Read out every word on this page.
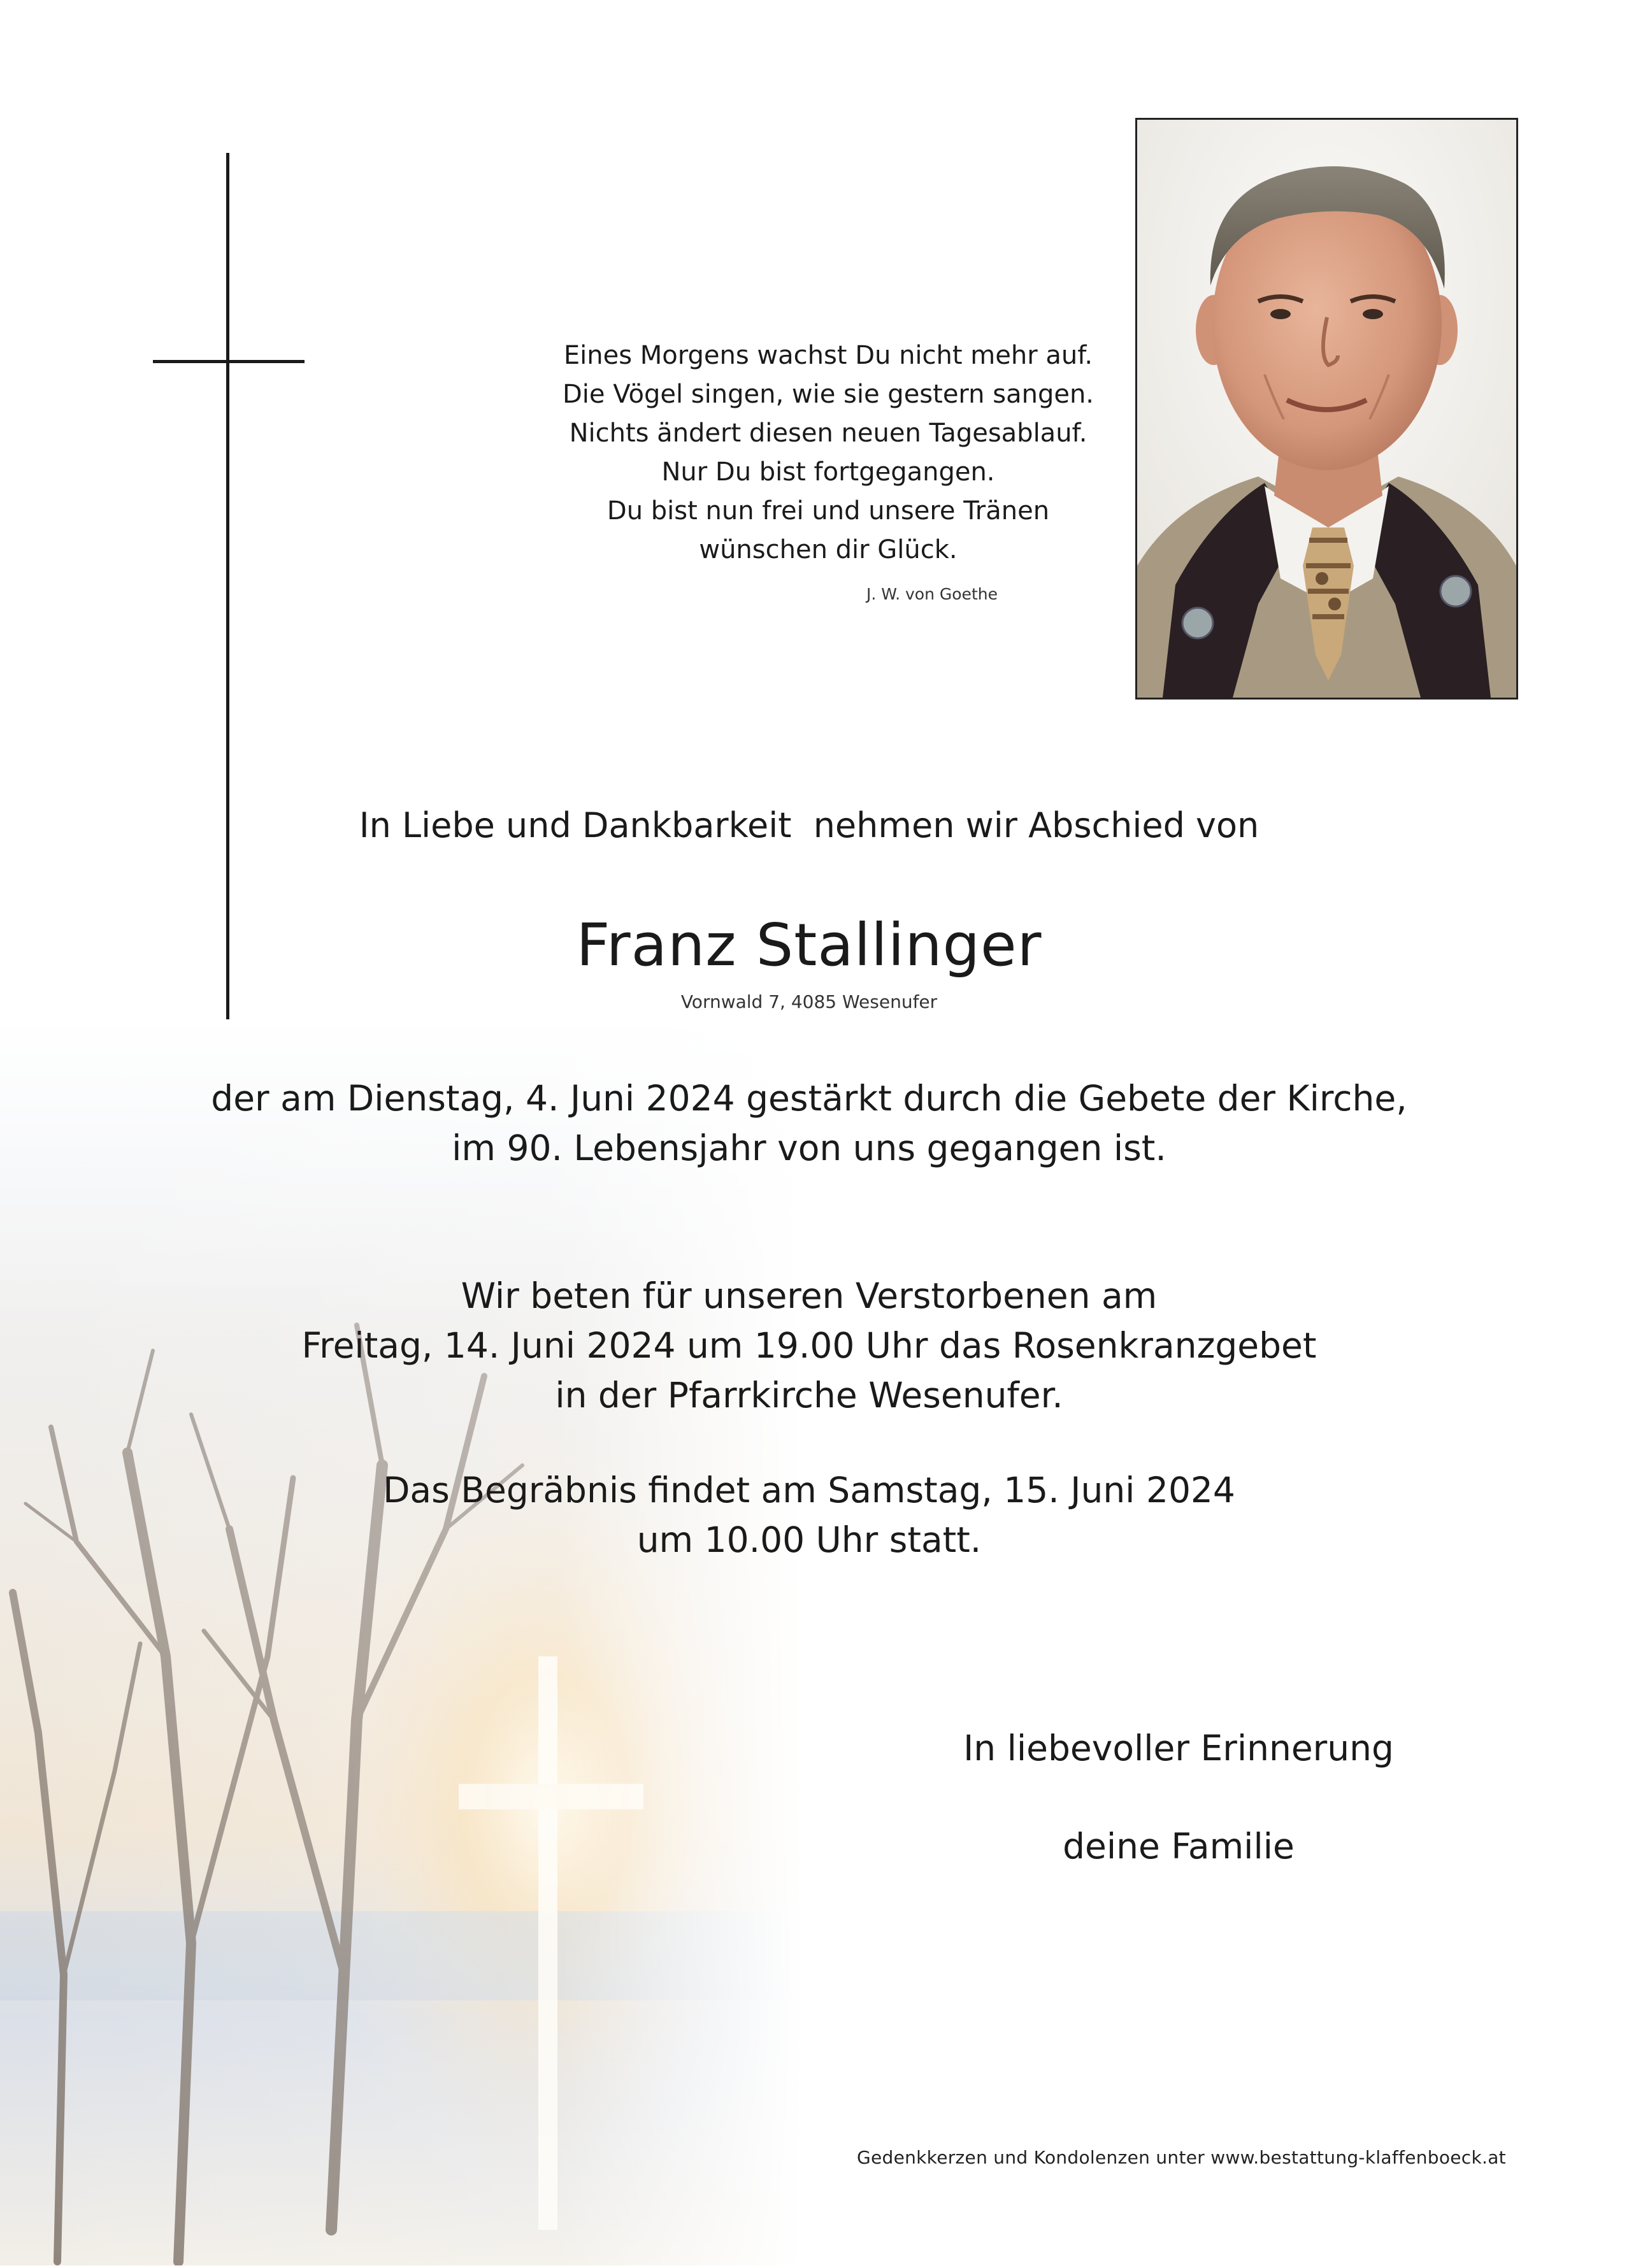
Eines Morgens wachst Du nicht mehr auf.
Die Vögel singen, wie sie gestern sangen.
Nichts ändert diesen neuen Tagesablauf.
Nur Du bist fortgegangen.
Du bist nun frei und unsere Tränen
wünschen dir Glück.
J. W. von Goethe
In Liebe und Dankbarkeit  nehmen wir Abschied von
Franz Stallinger
Vornwald 7, 4085 Wesenufer
der am Dienstag, 4. Juni 2024 gestärkt durch die Gebete der Kirche,
im 90. Lebensjahr von uns gegangen ist.
Wir beten für unseren Verstorbenen am
Freitag, 14. Juni 2024 um 19.00 Uhr das Rosenkranzgebet
in der Pfarrkirche Wesenufer.
Das Begräbnis findet am Samstag, 15. Juni 2024
um 10.00 Uhr statt.
In liebevoller Erinnerung
deine Familie
Gedenkkerzen und Kondolenzen unter www.bestattung-klaffenboeck.at
